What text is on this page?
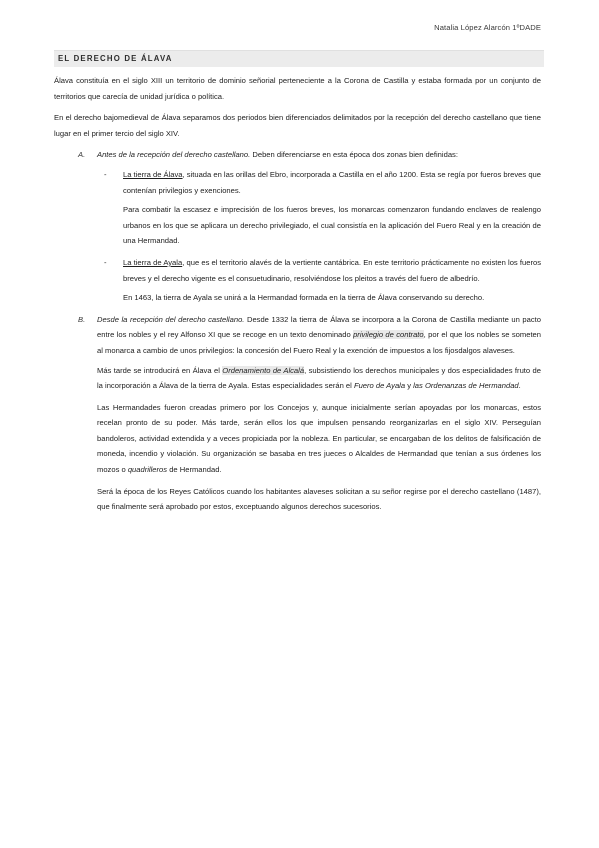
Natalia López Alarcón 1ºDADE
EL DERECHO DE ÁLAVA

Álava constituía en el siglo XIII un territorio de dominio señorial perteneciente a la Corona de Castilla y estaba formada por un conjunto de territorios que carecía de unidad jurídica o política.

En el derecho bajomedieval de Álava separamos dos periodos bien diferenciados delimitados por la recepción del derecho castellano que tiene lugar en el primer tercio del siglo XIV.

A. Antes de la recepción del derecho castellano. Deben diferenciarse en esta época dos zonas bien definidas:
- La tierra de Álava, situada en las orillas del Ebro, incorporada a Castilla en el año 1200. Esta se regía por fueros breves que contenían privilegios y exenciones.

Para combatir la escasez e imprecisión de los fueros breves, los monarcas comenzaron fundando enclaves de realengo urbanos en los que se aplicara un derecho privilegiado, el cual consistía en la aplicación del Fuero Real y en la creación de una Hermandad.

- La tierra de Ayala, que es el territorio alavés de la vertiente cantábrica. En este territorio prácticamente no existen los fueros breves y el derecho vigente es el consuetudinario, resolviéndose los pleitos a través del fuero de albedrío.

En 1463, la tierra de Ayala se unirá a la Hermandad formada en la tierra de Álava conservando su derecho.

B. Desde la recepción del derecho castellano. Desde 1332 la tierra de Álava se incorpora a la Corona de Castilla mediante un pacto entre los nobles y el rey Alfonso XI que se recoge en un texto denominado privilegio de contrato, por el que los nobles se someten al monarca a cambio de unos privilegios: la concesión del Fuero Real y la exención de impuestos a los fijosdalgos alaveses.

Más tarde se introducirá en Álava el Ordenamiento de Alcalá, subsistiendo los derechos municipales y dos especialidades fruto de la incorporación a Álava de la tierra de Ayala. Estas especialidades serán el Fuero de Ayala y las Ordenanzas de Hermandad.

Las Hermandades fueron creadas primero por los Concejos y, aunque inicialmente serían apoyadas por los monarcas, estos recelan pronto de su poder. Más tarde, serán ellos los que impulsen pensando reorganizarlas en el siglo XIV. Perseguían bandoleros, actividad extendida y a veces propiciada por la nobleza. En particular, se encargaban de los delitos de falsificación de moneda, incendio y violación. Su organización se basaba en tres jueces o Alcaldes de Hermandad que tenían a sus órdenes los mozos o quadrilleros de Hermandad.

Será la época de los Reyes Católicos cuando los habitantes alaveses solicitan a su señor regirse por el derecho castellano (1487), que finalmente será aprobado por estos, exceptuando algunos derechos sucesorios.
